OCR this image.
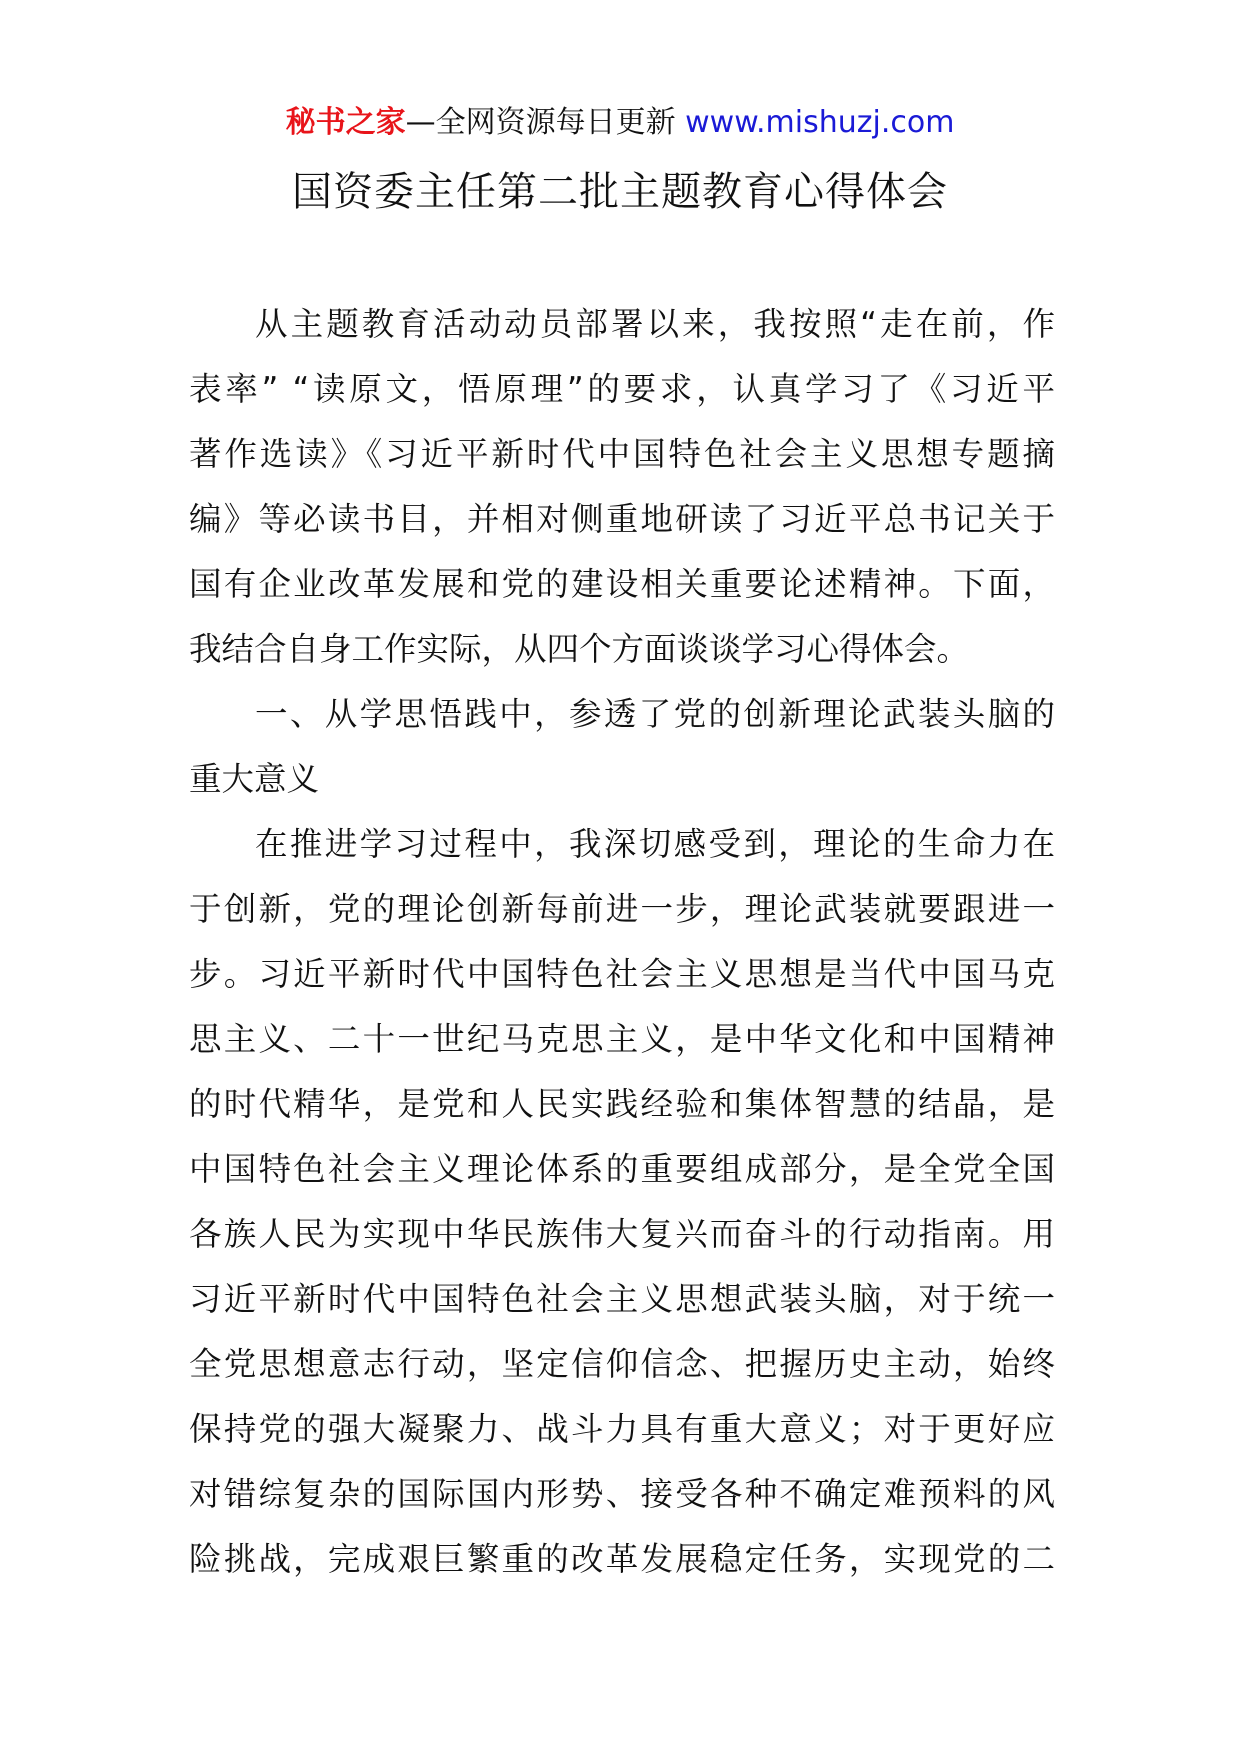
秘书之家—全网资源每日更新 www.mishuzj.com
国资委主任第二批主题教育心得体会
从主题教育活动动员部署以来，我按照“走在前，作
表率” “读原文，悟原理”的要求，认真学习了《习近平
著作选读》《习近平新时代中国特色社会主义思想专题摘
编》等必读书目，并相对侧重地研读了习近平总书记关于
国有企业改革发展和党的建设相关重要论述精神。下面，
我结合自身工作实际，从四个方面谈谈学习心得体会。
一、从学思悟践中，参透了党的创新理论武装头脑的
重大意义
在推进学习过程中，我深切感受到，理论的生命力在
于创新，党的理论创新每前进一步，理论武装就要跟进一
步。习近平新时代中国特色社会主义思想是当代中国马克
思主义、二十一世纪马克思主义，是中华文化和中国精神
的时代精华，是党和人民实践经验和集体智慧的结晶，是
中国特色社会主义理论体系的重要组成部分，是全党全国
各族人民为实现中华民族伟大复兴而奋斗的行动指南。用
习近平新时代中国特色社会主义思想武装头脑，对于统一
全党思想意志行动，坚定信仰信念、把握历史主动，始终
保持党的强大凝聚力、战斗力具有重大意义；对于更好应
对错综复杂的国际国内形势、接受各种不确定难预料的风
险挑战，完成艰巨繁重的改革发展稳定任务，实现党的二
